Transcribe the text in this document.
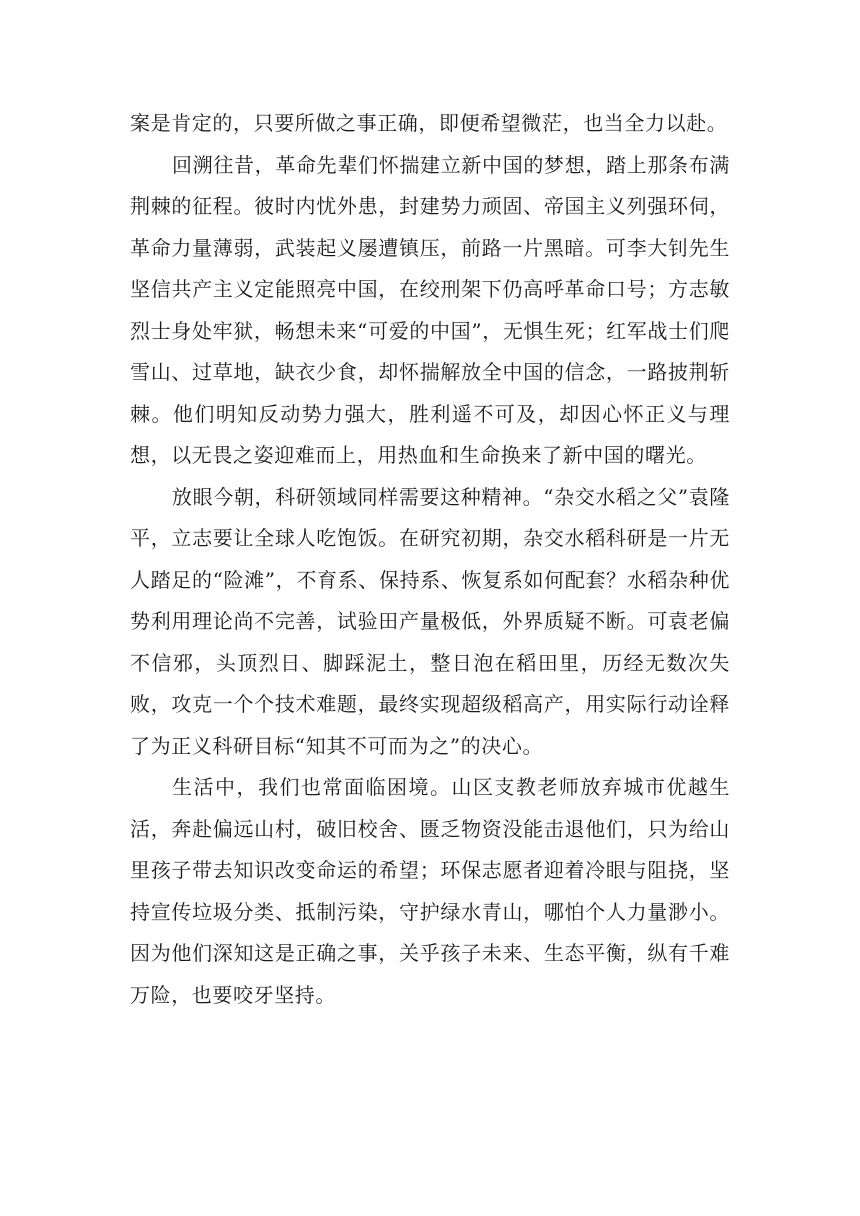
案是肯定的，只要所做之事正确，即便希望微茫，也当全力以赴。

回溯往昔，革命先辈们怀揣建立新中国的梦想，踏上那条布满荆棘的征程。彼时内忧外患，封建势力顽固、帝国主义列强环伺，革命力量薄弱，武装起义屡遭镇压，前路一片黑暗。可李大钊先生坚信共产主义定能照亮中国，在绞刑架下仍高呼革命口号；方志敏烈士身处牢狱，畅想未来“可爱的中国”，无惧生死；红军战士们爬雪山、过草地，缺衣少食，却怀揣解放全中国的信念，一路披荆斩棘。他们明知反动势力强大，胜利遥不可及，却因心怀正义与理想，以无畏之姿迎难而上，用热血和生命换来了新中国的曙光。

放眼今朝，科研领域同样需要这种精神。“杂交水稻之父”袁隆平，立志要让全球人吃饱饭。在研究初期，杂交水稻科研是一片无人踏足的“险滩”，不育系、保持系、恢复系如何配套？水稻杂种优势利用理论尚不完善，试验田产量极低，外界质疑不断。可袁老偏不信邪，头顶烈日、脚踩泥土，整日泡在稻田里，历经无数次失败，攻克一个个技术难题，最终实现超级稻高产，用实际行动诠释了为正义科研目标“知其不可而为之”的决心。

生活中，我们也常面临困境。山区支教老师放弃城市优越生活，奔赴偏远山村，破旧校舍、匮乏物资没能击退他们，只为给山里孩子带去知识改变命运的希望；环保志愿者迎着冷眼与阻挠，坚持宣传垃圾分类、抵制污染，守护绿水青山，哪怕个人力量渺小。因为他们深知这是正确之事，关乎孩子未来、生态平衡，纵有千难万险，也要咬牙坚持。
